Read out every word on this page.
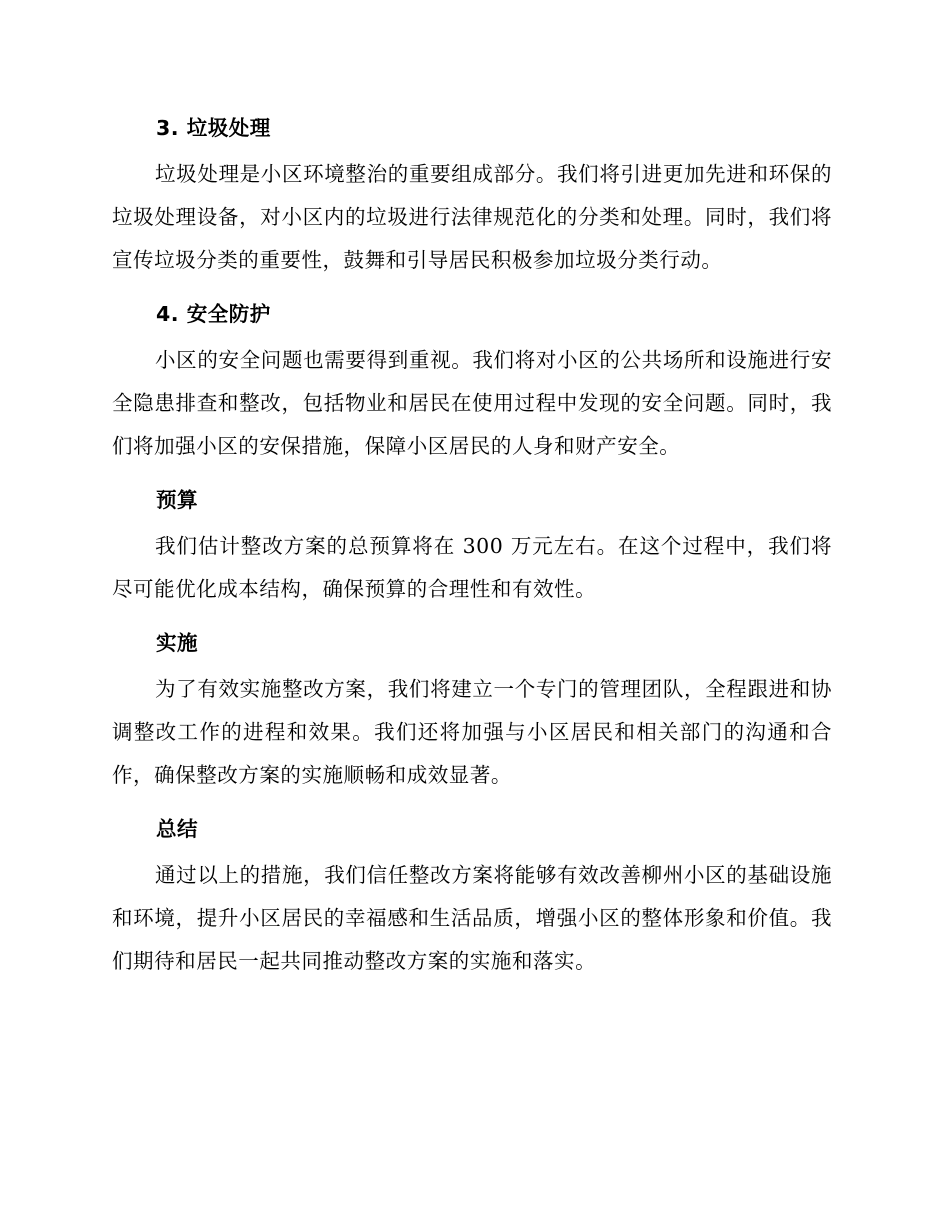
3. 垃圾处理

垃圾处理是小区环境整治的重要组成部分。我们将引进更加先进和环保的垃圾处理设备，对小区内的垃圾进行法律规范化的分类和处理。同时，我们将宣传垃圾分类的重要性，鼓舞和引导居民积极参加垃圾分类行动。

4. 安全防护

小区的安全问题也需要得到重视。我们将对小区的公共场所和设施进行安全隐患排查和整改，包括物业和居民在使用过程中发现的安全问题。同时，我们将加强小区的安保措施，保障小区居民的人身和财产安全。

预算

我们估计整改方案的总预算将在 300 万元左右。在这个过程中，我们将尽可能优化成本结构，确保预算的合理性和有效性。

实施

为了有效实施整改方案，我们将建立一个专门的管理团队，全程跟进和协调整改工作的进程和效果。我们还将加强与小区居民和相关部门的沟通和合作，确保整改方案的实施顺畅和成效显著。

总结

通过以上的措施，我们信任整改方案将能够有效改善柳州小区的基础设施和环境，提升小区居民的幸福感和生活品质，增强小区的整体形象和价值。我们期待和居民一起共同推动整改方案的实施和落实。
